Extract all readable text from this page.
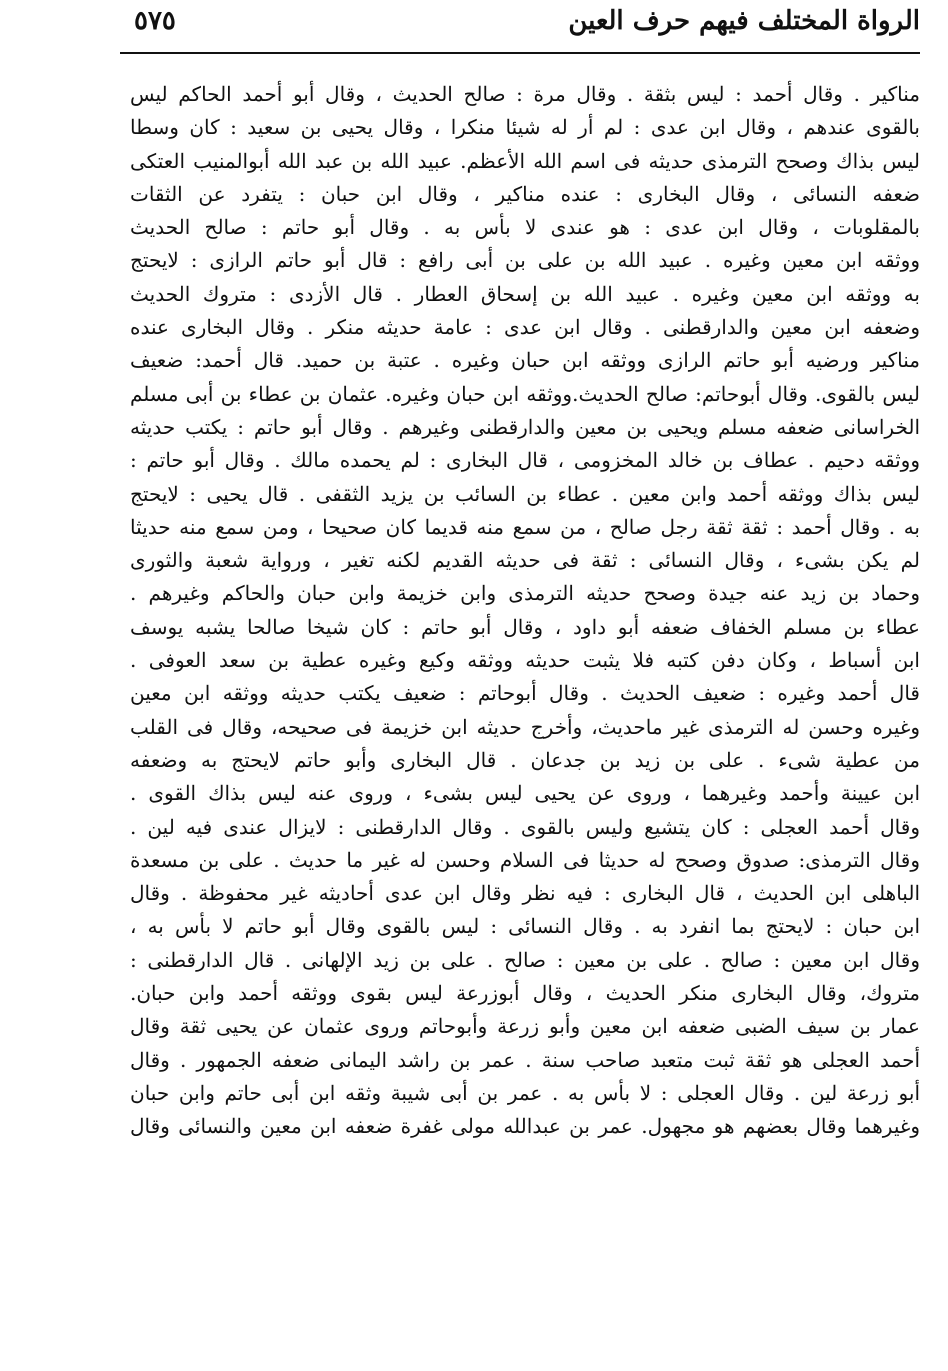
الرواة المختلف فيهم حرف العين
٥٧٥
مناكير . وقال أحمد : ليس بثقة . وقال مرة : صالح الحديث ، وقال أبو أحمد الحاكم ليس
بالقوى عندهم ، وقال ابن عدى : لم أر له شيئا منكرا ، وقال يحيى بن سعيد : كان وسطا
ليس بذاك وصحح الترمذى حديثه فى اسم الله الأعظم. عبيد الله بن عبد الله أبوالمنيب العتكى
ضعفه النسائى ، وقال البخارى : عنده مناكير ، وقال ابن حبان : يتفرد عن الثقات
بالمقلوبات ، وقال ابن عدى : هو عندى لا بأس به . وقال أبو حاتم : صالح الحديث
ووثقه ابن معين وغيره . عبيد الله بن على بن أبى رافع : قال أبو حاتم الرازى : لايحتج
به ووثقه ابن معين وغيره . عبيد الله بن إسحاق العطار . قال الأزدى : متروك الحديث
وضعفه ابن معين والدارقطنى . وقال ابن عدى : عامة حديثه منكر . وقال البخارى عنده
مناكير ورضيه أبو حاتم الرازى ووثقه ابن حبان وغيره . عتبة بن حميد. قال أحمد: ضعيف
ليس بالقوى. وقال أبوحاتم: صالح الحديث.ووثقه ابن حبان وغيره. عثمان بن عطاء بن أبى مسلم
الخراسانى ضعفه مسلم ويحيى بن معين والدارقطنى وغيرهم . وقال أبو حاتم : يكتب حديثه
ووثقه دحيم . عطاف بن خالد المخزومى ، قال البخارى : لم يحمده مالك . وقال أبو حاتم :
ليس بذاك ووثقه أحمد وابن معين . عطاء بن السائب بن يزيد الثقفى . قال يحيى : لايحتج
به . وقال أحمد : ثقة ثقة رجل صالح ، من سمع منه قديما كان صحيحا ، ومن سمع منه حديثا
لم يكن بشىء ، وقال النسائى : ثقة فى حديثه القديم لكنه تغير ، ورواية شعبة والثورى
وحماد بن زيد عنه جيدة وصحح حديثه الترمذى وابن خزيمة وابن حبان والحاكم وغيرهم .
عطاء بن مسلم الخفاف ضعفه أبو داود ، وقال أبو حاتم : كان شيخا صالحا يشبه يوسف
ابن أسباط ، وكان دفن كتبه فلا يثبت حديثه ووثقه وكيع وغيره عطية بن سعد العوفى .
قال أحمد وغيره : ضعيف الحديث . وقال أبوحاتم : ضعيف يكتب حديثه ووثقه ابن معين
وغيره وحسن له الترمذى غير ماحديث، وأخرج حديثه ابن خزيمة فى صحيحه، وقال فى القلب
من عطية شىء . على بن زيد بن جدعان . قال البخارى وأبو حاتم لايحتج به وضعفه
ابن عيينة وأحمد وغيرهما ، وروى عن يحيى ليس بشىء ، وروى عنه ليس بذاك القوى .
وقال أحمد العجلى : كان يتشيع وليس بالقوى . وقال الدارقطنى : لايزال عندى فيه لين .
وقال الترمذى: صدوق وصحح له حديثا فى السلام وحسن له غير ما حديث . على بن مسعدة
الباهلى ابن الحديث ، قال البخارى : فيه نظر وقال ابن عدى أحاديثه غير محفوظة . وقال
ابن حبان : لايحتج بما انفرد به . وقال النسائى : ليس بالقوى وقال أبو حاتم لا بأس به ،
وقال ابن معين : صالح . على بن معين : صالح . على بن زيد الإلهانى . قال الدارقطنى :
متروك، وقال البخارى منكر الحديث ، وقال أبوزرعة ليس بقوى ووثقه أحمد وابن حبان.
عمار بن سيف الضبى ضعفه ابن معين وأبو زرعة وأبوحاتم وروى عثمان عن يحيى ثقة وقال
أحمد العجلى هو ثقة ثبت متعبد صاحب سنة . عمر بن راشد اليمانى ضعفه الجمهور . وقال
أبو زرعة لين . وقال العجلى : لا بأس به . عمر بن أبى شيبة وثقه ابن أبى حاتم وابن حبان
وغيرهما وقال بعضهم هو مجهول. عمر بن عبدالله مولى غفرة ضعفه ابن معين والنسائى وقال
